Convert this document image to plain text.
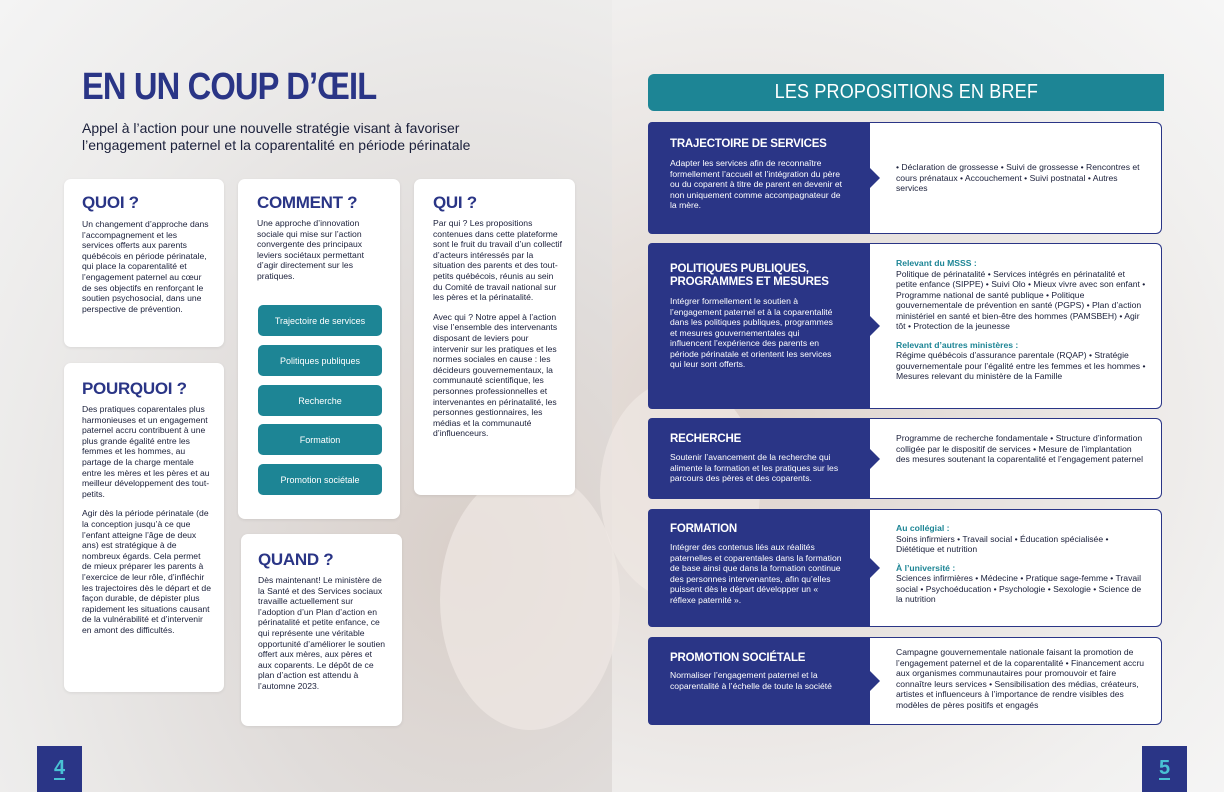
EN UN COUP D’ŒIL
Appel à l’action pour une nouvelle stratégie visant à favoriser l’engagement paternel et la coparentalité en période périnatale
QUOI ?

Un changement d’approche dans l’accompagnement et les services offerts aux parents québécois en période périnatale, qui place la coparentalité et l’engagement paternel au cœur de ses objectifs en renforçant le soutien psychosocial, dans une perspective de prévention.

POURQUOI ?

Des pratiques coparentales plus harmonieuses et un engagement paternel accru contribuent à une plus grande égalité entre les femmes et les hommes, au partage de la charge mentale entre les mères et les pères et au meilleur développement des tout-petits.

Agir dès la période périnatale (de la conception jusqu’à ce que l’enfant atteigne l’âge de deux ans) est stratégique à de nombreux égards. Cela permet de mieux préparer les parents à l’exercice de leur rôle, d’infléchir les trajectoires dès le départ et de façon durable, de dépister plus rapidement les situations causant de la vulnérabilité et d’intervenir en amont des difficultés.

COMMENT ?

Une approche d’innovation sociale qui mise sur l’action convergente des principaux leviers sociétaux permettant d’agir directement sur les pratiques.

Trajectoire de services
Politiques publiques
Recherche
Formation
Promotion sociétale
QUI ?

Par qui ? Les propositions contenues dans cette plateforme sont le fruit du travail d’un collectif d’acteurs intéressés par la situation des parents et des tout-petits québécois, réunis au sein du Comité de travail national sur les pères et la périnatalité.

Avec qui ? Notre appel à l’action vise l’ensemble des intervenants disposant de leviers pour intervenir sur les pratiques et les normes sociales en cause : les décideurs gouvernementaux, la communauté scientifique, les personnes professionnelles et intervenantes en périnatalité, les personnes gestionnaires, les médias et la communauté d’influenceurs.

QUAND ?

Dès maintenant! Le ministère de la Santé et des Services sociaux travaille actuellement sur l’adoption d’un Plan d’action en périnatalité et petite enfance, ce qui représente une véritable opportunité d’améliorer le soutien offert aux mères, aux pères et aux coparents. Le dépôt de ce plan d’action est attendu à l’automne 2023.

4
LES PROPOSITIONS EN BREF
TRAJECTOIRE DE SERVICES

Adapter les services afin de reconnaître formellement l’accueil et l’intégration du père ou du coparent à titre de parent en devenir et non uniquement comme accompagnateur de la mère.

• Déclaration de grossesse • Suivi de grossesse • Rencontres et cours prénataux • Accouchement • Suivi postnatal • Autres services
POLITIQUES PUBLIQUES, PROGRAMMES ET MESURES

Intégrer formellement le soutien à l’engagement paternel et à la coparentalité dans les politiques publiques, programmes et mesures gouvernementales qui influencent l’expérience des parents en période périnatale et orientent les services qui leur sont offerts.

Relevant du MSSS :
Politique de périnatalité • Services intégrés en périnatalité et petite enfance (SIPPE) • Suivi Olo • Mieux vivre avec son enfant • Programme national de santé publique • Politique gouvernementale de prévention en santé (PGPS) • Plan d’action ministériel en santé et bien-être des hommes (PAMSBEH) • Agir tôt • Protection de la jeunesse
Relevant d’autres ministères :
Régime québécois d’assurance parentale (RQAP) • Stratégie gouvernementale pour l’égalité entre les femmes et les hommes • Mesures relevant du ministère de la Famille
RECHERCHE

Soutenir l’avancement de la recherche qui alimente la formation et les pratiques sur les parcours des pères et des coparents.

Programme de recherche fondamentale • Structure d’information colligée par le dispositif de services • Mesure de l’implantation des mesures soutenant la coparentalité et l’engagement paternel
FORMATION

Intégrer des contenus liés aux réalités paternelles et coparentales dans la formation de base ainsi que dans la formation continue des personnes intervenantes, afin qu’elles puissent dès le départ développer un « réflexe paternité ».

Au collégial :
Soins infirmiers • Travail social • Éducation spécialisée • Diététique et nutrition
À l’université :
Sciences infirmières • Médecine • Pratique sage-femme • Travail social • Psychoéducation • Psychologie • Sexologie • Science de la nutrition
PROMOTION SOCIÉTALE

Normaliser l’engagement paternel et la coparentalité à l’échelle de toute la société

Campagne gouvernementale nationale faisant la promotion de l’engagement paternel et de la coparentalité • Financement accru aux organismes communautaires pour promouvoir et faire connaître leurs services • Sensibilisation des médias, créateurs, artistes et influenceurs à l’importance de rendre visibles des modèles de pères positifs et engagés
5
